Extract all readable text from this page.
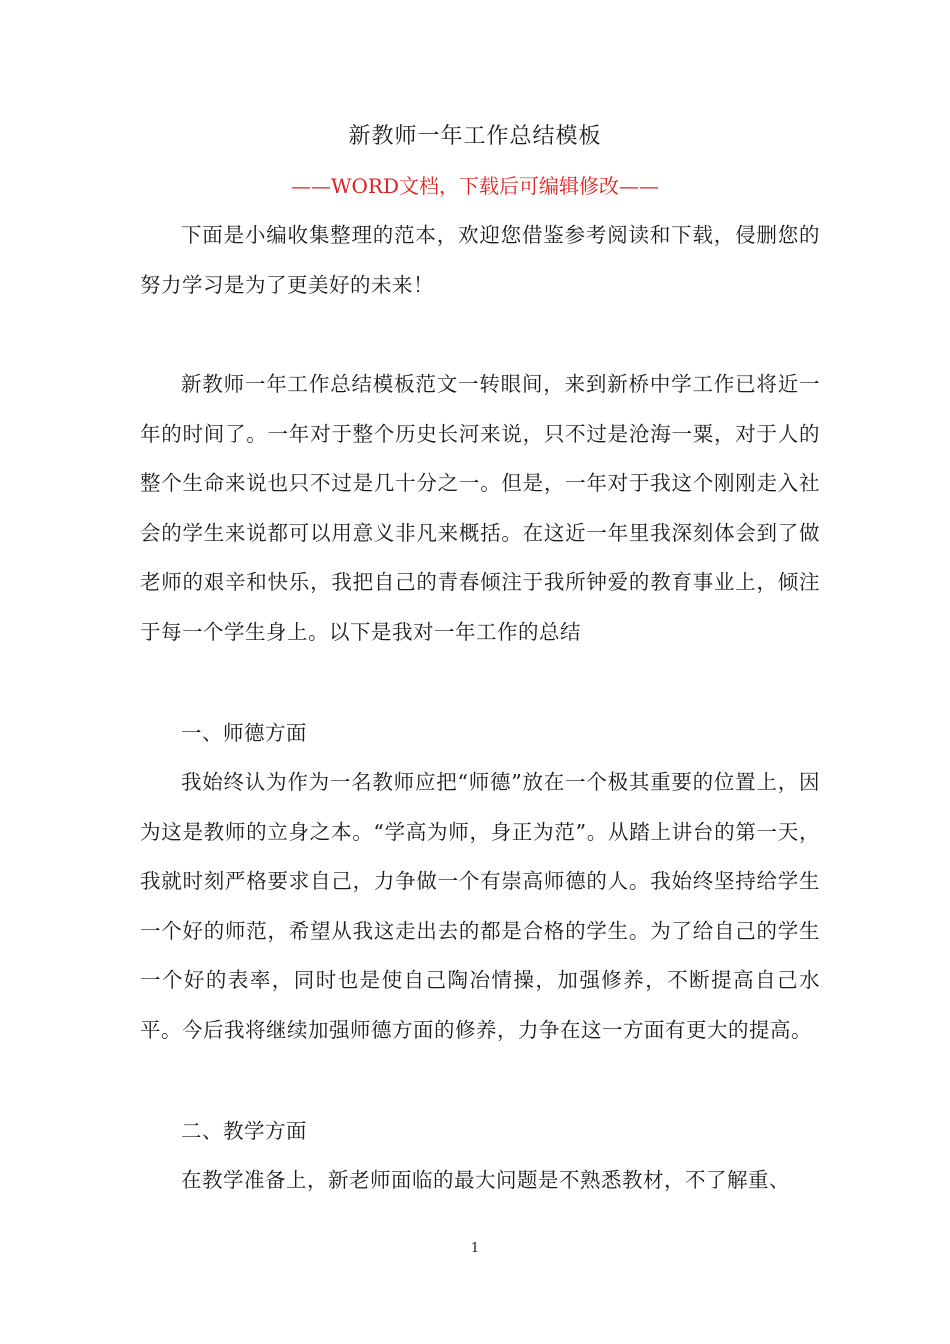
新教师一年工作总结模板
——WORD文档，下载后可编辑修改——

下面是小编收集整理的范本，欢迎您借鉴参考阅读和下载，侵删您的努力学习是为了更美好的未来！

新教师一年工作总结模板范文一转眼间，来到新桥中学工作已将近一年的时间了。一年对于整个历史长河来说，只不过是沧海一粟，对于人的整个生命来说也只不过是几十分之一。但是，一年对于我这个刚刚走入社会的学生来说都可以用意义非凡来概括。在这近一年里我深刻体会到了做老师的艰辛和快乐，我把自己的青春倾注于我所钟爱的教育事业上，倾注于每一个学生身上。以下是我对一年工作的总结

一、师德方面

我始终认为作为一名教师应把“师德”放在一个极其重要的位置上，因为这是教师的立身之本。“学高为师，身正为范”。从踏上讲台的第一天，我就时刻严格要求自己，力争做一个有崇高师德的人。我始终坚持给学生一个好的师范，希望从我这走出去的都是合格的学生。为了给自己的学生一个好的表率，同时也是使自己陶冶情操，加强修养，不断提高自己水平。今后我将继续加强师德方面的修养，力争在这一方面有更大的提高。

二、教学方面

在教学准备上，新老师面临的最大问题是不熟悉教材，不了解重、

1
